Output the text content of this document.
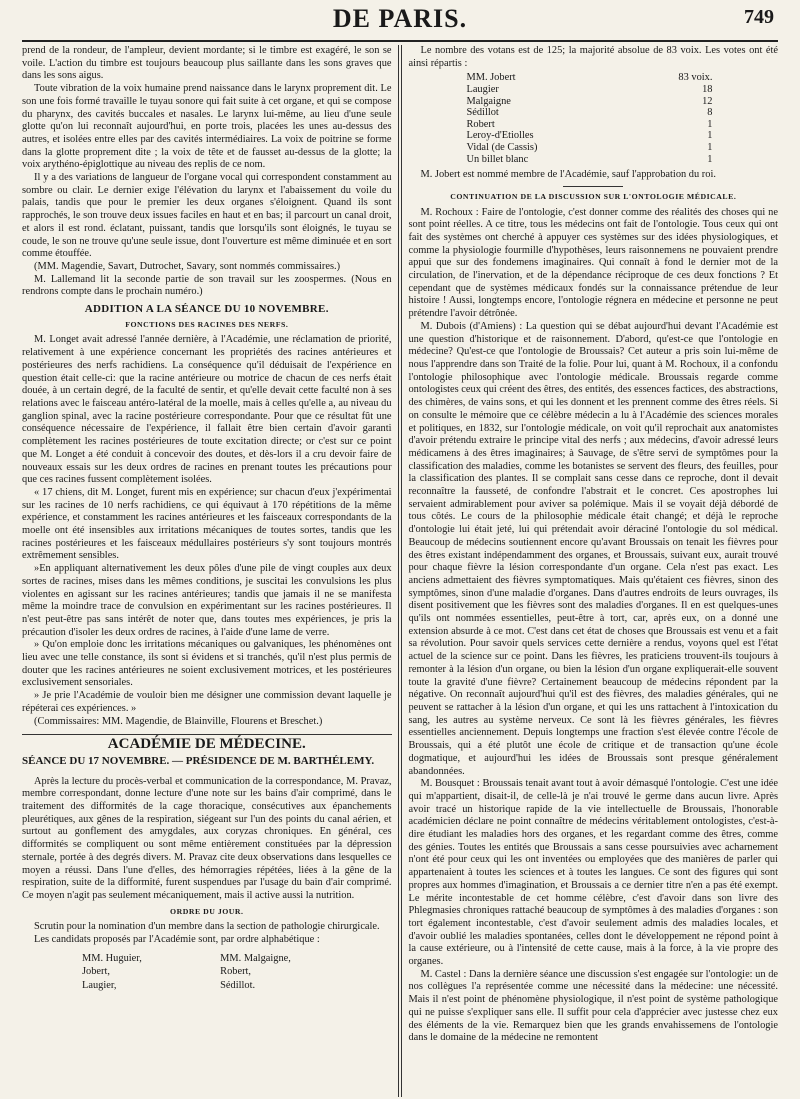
DE PARIS.	749

prend de la rondeur, de l'ampleur, devient mordante; si le timbre est exagéré, le son se voile. L'action du timbre est toujours beaucoup plus saillante dans les sons graves que dans les sons aigus.

Toute vibration de la voix humaine prend naissance dans le larynx proprement dit. Le son une fois formé travaille le tuyau sonore qui fait suite à cet organe, et qui se compose du pharynx, des cavités buccales et nasales. Le larynx lui-même, au lieu d'une seule glotte qu'on lui reconnaît aujourd'hui, en porte trois, placées les unes au-dessus des autres, et isolées entre elles par des cavités intermédiaires. La voix de poitrine se forme dans la glotte proprement dite ; la voix de tête et de fausset au-dessus de la glotte; la voix arythéno-épiglottique au niveau des replis de ce nom.

Il y a des variations de langueur de l'organe vocal qui correspondent constamment au sombre ou clair. Le dernier exige l'élévation du larynx et l'abaissement du voile du palais, tandis que pour le premier les deux organes s'éloignent. Quand ils sont rapprochés, le son trouve deux issues faciles en haut et en bas; il parcourt un canal droit, et alors il est rond. éclatant, puissant, tandis que lorsqu'ils sont éloignés, le tuyau se coude, le son ne trouve qu'une seule issue, dont l'ouverture est même diminuée et en sort comme étouffée.

(MM. Magendie, Savart, Dutrochet, Savary, sont nommés commissaires.)

M. Lallemand lit la seconde partie de son travail sur les zoospermes. (Nous en rendrons compte dans le prochain numéro.)

ADDITION A LA SÉANCE DU 10 NOVEMBRE.
FONCTIONS DES RACINES DES NERFS.

M. Longet avait adressé l'année dernière, à l'Académie, une réclamation de priorité, relativement à une expérience concernant les propriétés des racines antérieures et postérieures des nerfs rachidiens. La conséquence qu'il déduisait de l'expérience en question était celle-ci: que la racine antérieure ou motrice de chacun de ces nerfs était douée, à un certain degré, de la faculté de sentir, et qu'elle devait cette faculté non à ses relations avec le faisceau antéro-latéral de la moelle, mais à celles qu'elle a, au niveau du ganglion spinal, avec la racine postérieure correspondante. Pour que ce résultat fût une conséquence nécessaire de l'expérience, il fallait être bien certain d'avoir garanti complètement les racines postérieures de toute excitation directe; or c'est sur ce point que M. Longet a été conduit à concevoir des doutes, et dès-lors il a cru devoir faire de nouveaux essais sur les deux ordres de racines en prenant toutes les précautions pour que ces racines fussent complètement isolées.

« 17 chiens, dit M. Longet, furent mis en expérience; sur chacun d'eux j'expérimentai sur les racines de 10 nerfs rachidiens, ce qui équivaut à 170 répétitions de la même expérience, et constamment les racines antérieures et les faisceaux correspondants de la moelle ont été insensibles aux irritations mécaniques de toutes sortes, tandis que les racines postérieures et les faisceaux médullaires postérieurs s'y sont toujours montrés extrêmement sensibles.

»En appliquant alternativement les deux pôles d'une pile de vingt couples aux deux sortes de racines, mises dans les mêmes conditions, je suscitai les convulsions les plus violentes en agissant sur les racines antérieures; tandis que jamais il ne se manifesta même la moindre trace de convulsion en expérimentant sur les racines postérieures. Il n'est peut-être pas sans intérêt de noter que, dans toutes mes expériences, je pris la précaution d'isoler les deux ordres de racines, à l'aide d'une lame de verre.

» Qu'on emploie donc les irritations mécaniques ou galvaniques, les phénomènes ont lieu avec une telle constance, ils sont si évidens et si tranchés, qu'il n'est plus permis de douter que les racines antérieures ne soient exclusivement motrices, et les postérieures exclusivement sensoriales.

» Je prie l'Académie de vouloir bien me désigner une commission devant laquelle je répéterai ces expériences. »

(Commissaires: MM. Magendie, de Blainville, Flourens et Breschet.)

ACADÉMIE DE MÉDECINE.
SÉANCE DU 17 NOVEMBRE. — PRÉSIDENCE DE M. BARTHÉLEMY.

Après la lecture du procès-verbal et communication de la correspondance, M. Pravaz, membre correspondant, donne lecture d'une note sur les bains d'air comprimé, dans le traitement des difformités de la cage thoracique, consécutives aux épanchements pleurétiques, aux gênes de la respiration, siégeant sur l'un des points du canal aérien, et surtout au gonflement des amygdales, aux coryzas chroniques. En général, ces difformités se compliquent ou sont même entièrement constituées par la dépression sternale, portée à des degrés divers. M. Pravaz cite deux observations dans lesquelles ce moyen a réussi. Dans l'une d'elles, des hémorragies répétées, liées à la gêne de la respiration, suite de la difformité, furent suspendues par l'usage du bain d'air comprimé. Ce moyen n'agit pas seulement mécaniquement, mais il active aussi la nutrition.

ORDRE DU JOUR.

Scrutin pour la nomination d'un membre dans la section de pathologie chirurgicale.

Les candidats proposés par l'Académie sont, par ordre alphabétique :

MM. Huguier,	MM. Malgaigne,
Jobert,	Robert,
Laugier,	Sédillot.

Le nombre des votans est de 125; la majorité absolue de 83 voix. Les votes ont été ainsi répartis :

MM. Jobert	83 voix.
Laugier	18
Malgaigne	12
Sédillot	8
Robert	1
Leroy-d'Etiolles	1
Vidal (de Cassis)	1
Un billet blanc	1

M. Jobert est nommé membre de l'Académie, sauf l'approbation du roi.

CONTINUATION DE LA DISCUSSION SUR L'ONTOLOGIE MÉDICALE.

M. Rochoux : Faire de l'ontologie, c'est donner comme des réalités des choses qui ne sont point réelles. A ce titre, tous les médecins ont fait de l'ontologie. Tous ceux qui ont fait des systèmes ont cherché à appuyer ces systèmes sur des idées physiologiques, et comme la physiologie fourmille d'hypothèses, leurs raisonnemens ne pouvaient prendre appui que sur des fondemens imaginaires. Qui connaît à fond le dernier mot de la circulation, de l'inervation, et de la dépendance réciproque de ces deux fonctions ? Et cependant que de systèmes médicaux fondés sur la connaissance prétendue de leur histoire ! Aussi, longtemps encore, l'ontologie régnera en médecine et personne ne peut prétendre l'avoir détrônée.

M. Dubois (d'Amiens) : La question qui se débat aujourd'hui devant l'Académie est une question d'historique et de raisonnement. D'abord, qu'est-ce que l'ontologie en médecine? Qu'est-ce que l'ontologie de Broussais? Cet auteur a pris soin lui-même de nous l'apprendre dans son Traité de la folie. Pour lui, quant à M. Rochoux, il a confondu l'ontologie philosophique avec l'ontologie médicale. Broussais regarde comme ontologistes ceux qui créent des êtres, des entités, des essences factices, des abstractions, des chimères, de vains sons, et qui les donnent et les prennent comme des êtres réels. Si on consulte le mémoire que ce célèbre médecin a lu à l'Académie des sciences morales et politiques, en 1832, sur l'ontologie médicale, on voit qu'il reprochait aux anatomistes d'avoir prétendu extraire le principe vital des nerfs ; aux médecins, d'avoir adressé leurs médicamens à des êtres imaginaires; à Sauvage, de s'être servi de symptômes pour la classification des maladies, comme les botanistes se servent des fleurs, des feuilles, pour la classification des plantes. Il se complait sans cesse dans ce reproche, dont il devait reconnaître la fausseté, de confondre l'abstrait et le concret. Ces apostrophes lui servaient admirablement pour aviver sa polémique. Mais il se voyait déjà débordé de tous côtés. Le cours de la philosophie médicale était changé; et déjà le reproche d'ontologie lui était jeté, lui qui prétendait avoir déraciné l'ontologie du sol médical. Beaucoup de médecins soutiennent encore qu'avant Broussais on tenait les fièvres pour des êtres existant indépendamment des organes, et Broussais, suivant eux, aurait trouvé pour chaque fièvre la lésion correspondante d'un organe. Cela n'est pas exact. Les anciens admettaient des fièvres symptomatiques. Mais qu'étaient ces fièvres, sinon des symptômes, sinon d'une maladie d'organes. Dans d'autres endroits de leurs ouvrages, ils disent positivement que les fièvres sont des maladies d'organes. Il en est quelques-unes qu'ils ont nommées essentielles, peut-être à tort, car, après eux, on a donné une extension absurde à ce mot. C'est dans cet état de choses que Broussais est venu et a fait sa révolution. Pour savoir quels services cette dernière a rendus, voyons quel est l'état actuel de la science sur ce point. Dans les fièvres, les praticiens trouvent-ils toujours à remonter à la lésion d'un organe, ou bien la lésion d'un organe expliquerait-elle souvent toute la gravité d'une fièvre? Certainement beaucoup de médecins répondent par la négative. On reconnaît aujourd'hui qu'il est des fièvres, des maladies générales, qui ne peuvent se rattacher à la lésion d'un organe, et qui les uns rattachent à l'intoxication du sang, les autres au système nerveux. Ce sont là les fièvres générales, les fièvres essentielles anciennement. Depuis longtemps une fraction s'est élevée contre l'école de Broussais, qui a été plutôt une école de critique et de transaction qu'une école dogmatique, et aujourd'hui les idées de Broussais sont presque généralement abandonnées.

M. Bousquet : Broussais tenait avant tout à avoir démasqué l'ontologie. C'est une idée qui m'appartient, disait-il, de celle-là je n'ai trouvé le germe dans aucun livre. Après avoir tracé un historique rapide de la vie intellectuelle de Broussais, l'honorable académicien déclare ne point connaître de médecins véritablement ontologistes, c'est-à-dire étudiant les maladies hors des organes, et les regardant comme des êtres, comme des génies. Toutes les entités que Broussais a sans cesse poursuivies avec acharnement n'ont été pour ceux qui les ont inventées ou employées que des manières de parler qui appartenaient à toutes les sciences et à toutes les langues. Ce sont des figures qui sont propres aux hommes d'imagination, et Broussais a ce dernier titre n'en a pas été exempt. Le mérite incontestable de cet homme célèbre, c'est d'avoir dans son livre des Phlegmasies chroniques rattaché beaucoup de symptômes à des maladies d'organes : son tort également incontestable, c'est d'avoir seulement admis des maladies locales, et d'avoir oublié les maladies spontanées, celles dont le développement ne répond point à la cause extérieure, ou à l'intensité de cette cause, mais à la force, à la vie propre des organes.

M. Castel : Dans la dernière séance une discussion s'est engagée sur l'ontologie: un de nos collègues l'a représentée comme une nécessité dans la médecine: une nécessité. Mais il n'est point de phénomène physiologique, il n'est point de système pathologique qui ne puisse s'expliquer sans elle. Il suffit pour cela d'apprécier avec justesse chez eux des éléments de la vie. Remarquez bien que les grands envahissemens de l'ontologie dans le domaine de la médecine ne remontent
